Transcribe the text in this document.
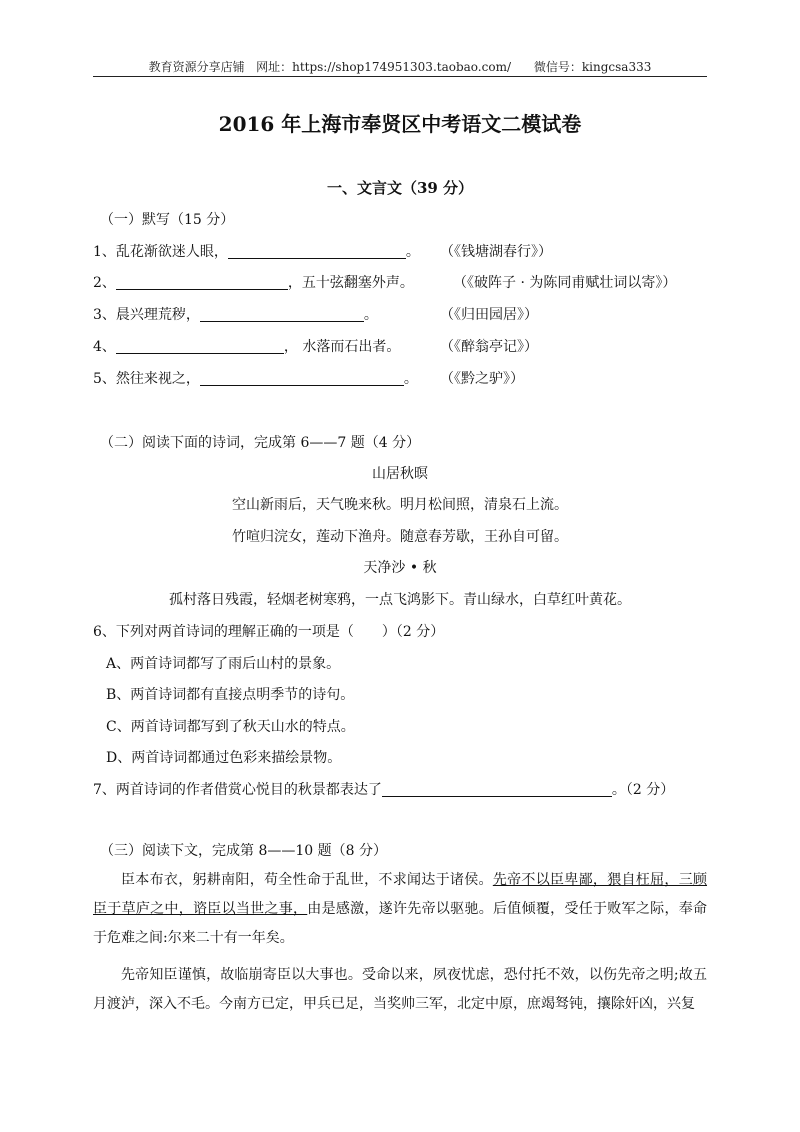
教育资源分享店铺 网址：https://shop174951303.taobao.com/ 微信号：kingcsa333
2016 年上海市奉贤区中考语文二模试卷
一、文言文（39 分）
（一）默写（15 分）
1、乱花渐欲迷人眼，	。 （《钱塘湖春行》）
2、	，五十弦翻塞外声。	（《破阵子 · 为陈同甫赋壮词以寄》）
3、晨兴理荒秽，	。	（《归田园居》）
4、	， 水落而石出者。	（《醉翁亭记》）
5、然往来视之，	。 （《黔之驴》）
（二）阅读下面的诗词，完成第 6——7 题（4 分）
山居秋暝
空山新雨后，天气晚来秋。明月松间照，清泉石上流。
竹喧归浣女，莲动下渔舟。随意春芳歇，王孙自可留。
天净沙 • 秋
孤村落日残霞，轻烟老树寒鸦，一点飞鸿影下。青山绿水，白草红叶黄花。
6、下列对两首诗词的理解正确的一项是（　　）（2 分）
A、两首诗词都写了雨后山村的景象。
B、两首诗词都有直接点明季节的诗句。
C、两首诗词都写到了秋天山水的特点。
D、两首诗词都通过色彩来描绘景物。
7、两首诗词的作者借赏心悦目的秋景都表达了	。（2 分）
（三）阅读下文，完成第 8——10 题（8 分）
臣本布衣，躬耕南阳，苟全性命于乱世，不求闻达于诸侯。先帝不以臣卑鄙，猥自枉屈，三顾臣于草庐之中，谘臣以当世之事，由是感激，遂许先帝以驱驰。后值倾覆，受任于败军之际，奉命于危难之间:尔来二十有一年矣。
先帝知臣谨慎，故临崩寄臣以大事也。受命以来，夙夜忧虑，恐付托不效，以伤先帝之明;故五月渡泸，深入不毛。今南方已定，甲兵已足，当奖帅三军，北定中原，庶竭驽钝，攘除奸凶，兴复
